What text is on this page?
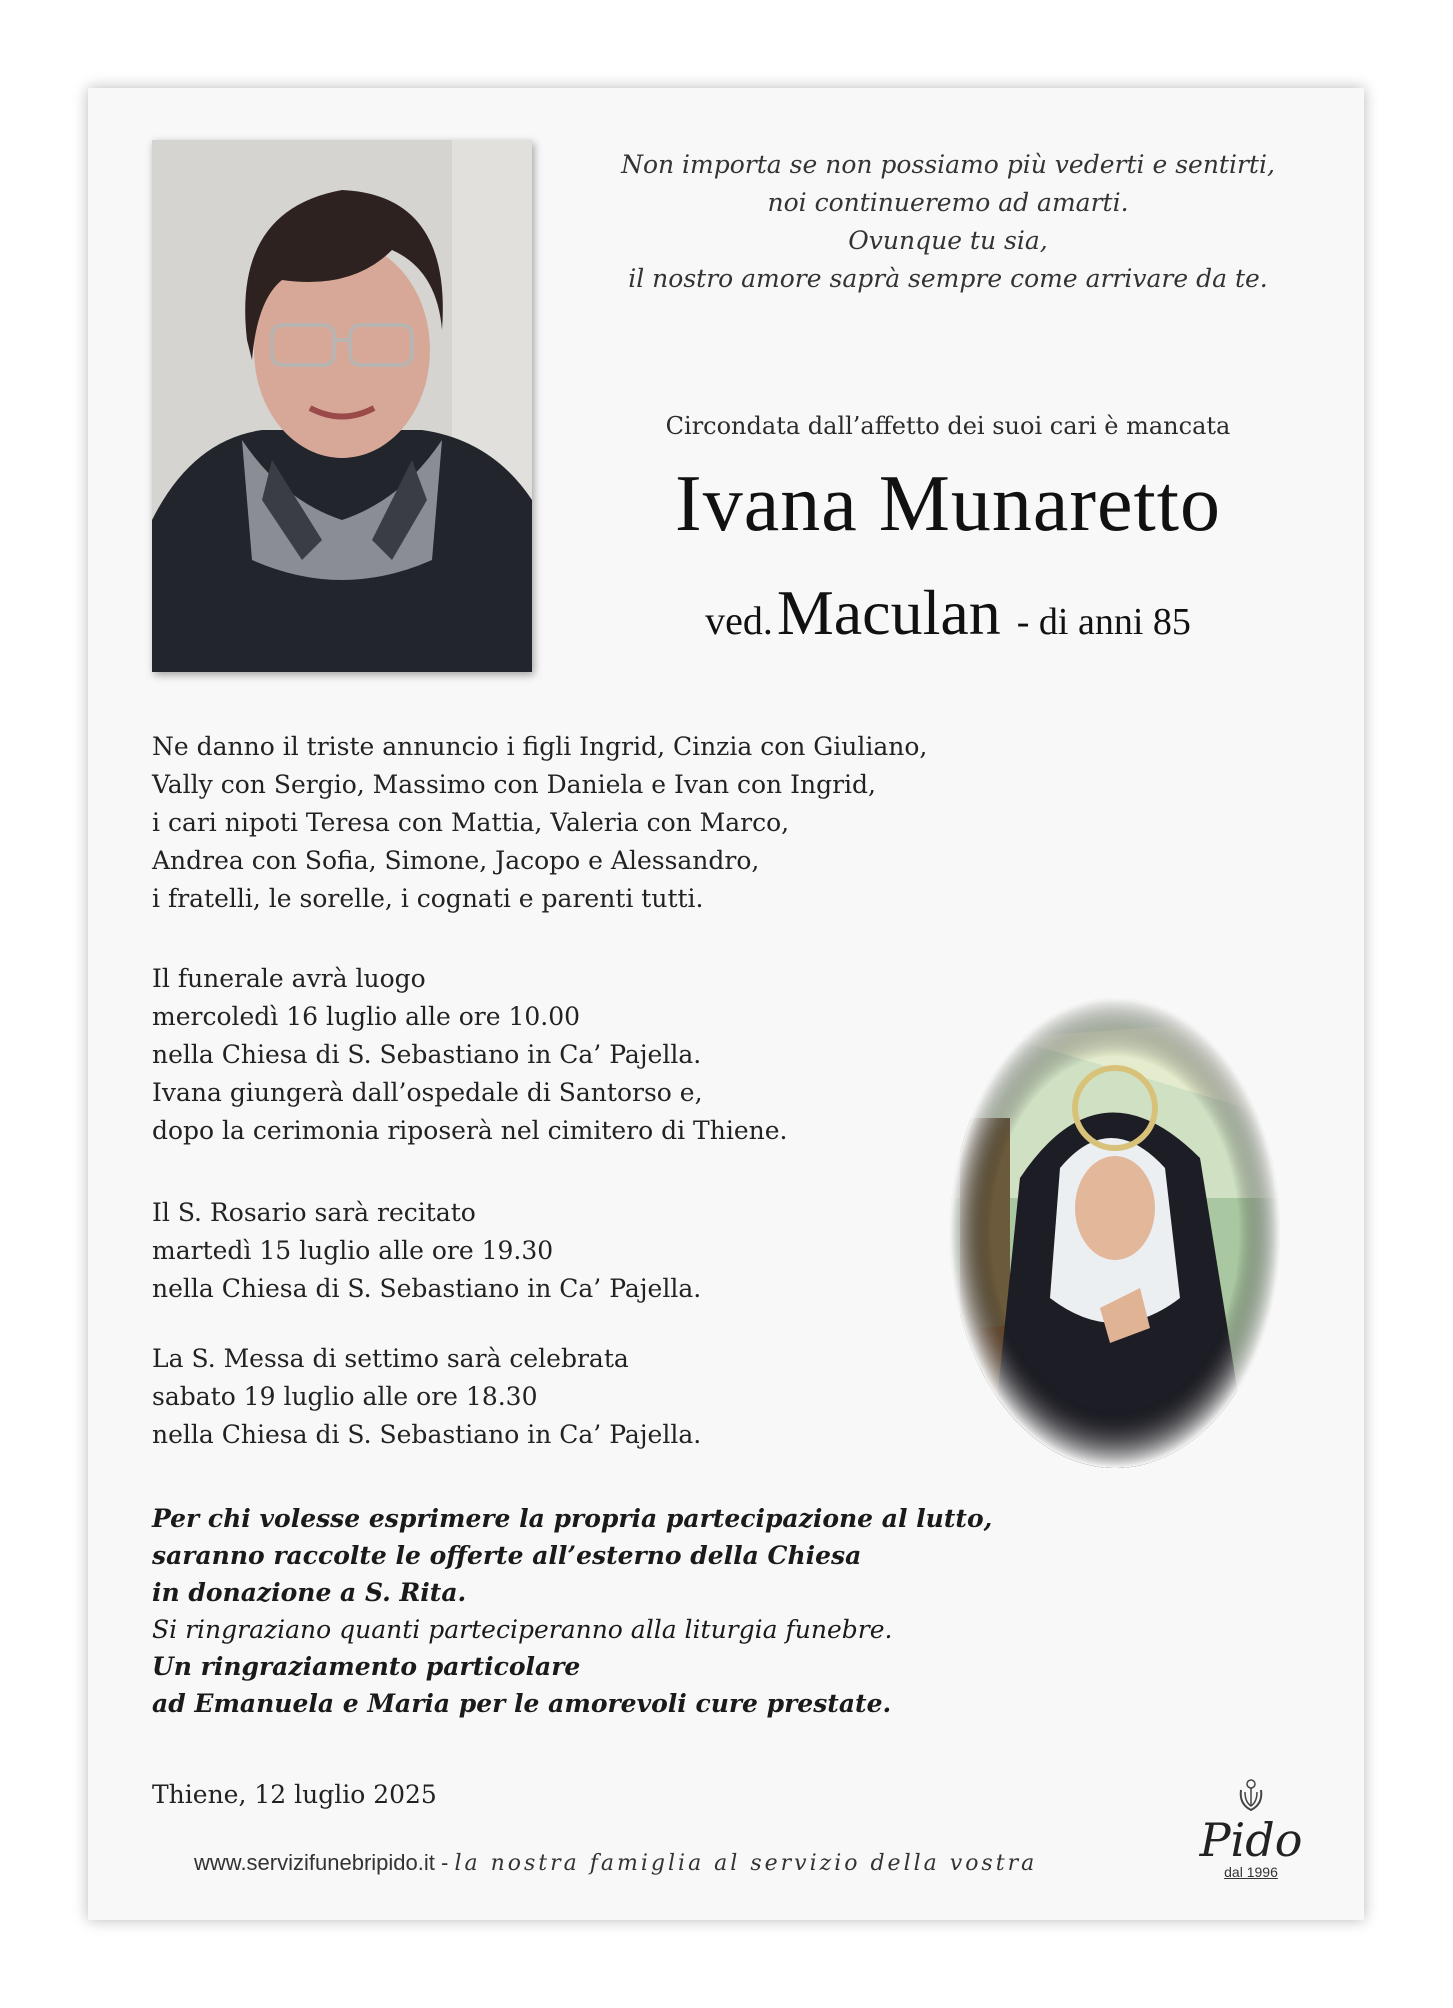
Non importa se non possiamo più vederti e sentirti,
noi continueremo ad amarti.
Ovunque tu sia,
il nostro amore saprà sempre come arrivare da te.
Circondata dall’affetto dei suoi cari è mancata
Ivana Munaretto
ved. Maculan - di anni 85
Ne danno il triste annuncio i figli Ingrid, Cinzia con Giuliano,
Vally con Sergio, Massimo con Daniela e Ivan con Ingrid,
i cari nipoti Teresa con Mattia, Valeria con Marco,
Andrea con Sofia, Simone, Jacopo e Alessandro,
i fratelli, le sorelle, i cognati e parenti tutti.
Il funerale avrà luogo
mercoledì 16 luglio alle ore 10.00
nella Chiesa di S. Sebastiano in Ca’ Pajella.
Ivana giungerà dall’ospedale di Santorso e,
dopo la cerimonia riposerà nel cimitero di Thiene.
Il S. Rosario sarà recitato
martedì 15 luglio alle ore 19.30
nella Chiesa di S. Sebastiano in Ca’ Pajella.
La S. Messa di settimo sarà celebrata
sabato 19 luglio alle ore 18.30
nella Chiesa di S. Sebastiano in Ca’ Pajella.
Per chi volesse esprimere la propria partecipazione al lutto,
saranno raccolte le offerte all’esterno della Chiesa
in donazione a S. Rita.
Si ringraziano quanti parteciperanno alla liturgia funebre.
Un ringraziamento particolare
ad Emanuela e Maria per le amorevoli cure prestate.
Thiene, 12 luglio 2025
www.servizifunebripido.it - la nostra famiglia al servizio della vostra	Pido
dal 1996
